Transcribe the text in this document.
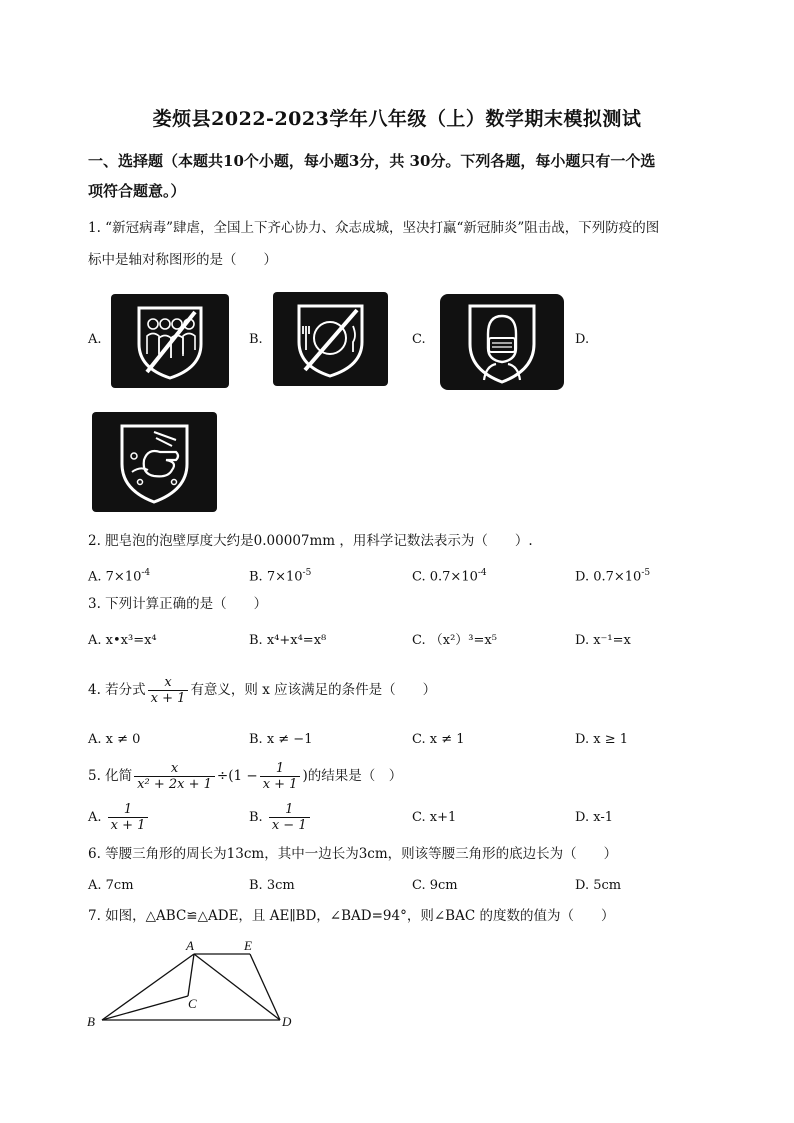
娄烦县2022-2023学年八年级（上）数学期末模拟测试
一、选择题（本题共10个小题，每小题3分，共 30分。下列各题，每小题只有一个选
项符合题意。）
1. “新冠病毒”肆虐，全国上下齐心协力、众志成城，坚决打赢“新冠肺炎”阻击战，下列防疫的图
标中是轴对称图形的是（　　）
A.	B.	C.	D.
2. 肥皂泡的泡壁厚度大约是0.00007mm ，用科学记数法表示为（　　）.
A. $7\times 10^{-4}$	B. $7\times 10^{-5}$	C. $0.7\times 10^{-4}$	D. $0.7\times 10^{-5}$
3. 下列计算正确的是（　　）
A. x•x³=x⁴	B. x⁴+x⁴=x⁸	C. （x²）³=x⁵	D. x⁻¹=x
4. 若分式 $\frac{x}{x + 1}$ 有意义，则 x 应该满足的条件是（　　）
A. x ≠ 0	B. x ≠ −1	C. x ≠ 1	D. x ≥ 1
5. 化简 $\frac{x}{\text{x² + 2x + 1}} \div(1 - \frac{1}{x + 1}$ )的结果是（　）
A. $\frac{1}{x + 1}$	B. $\frac{1}{x - 1}$	C. x+1	D. x-1
6. 等腰三角形的周长为13cm，其中一边长为3cm，则该等腰三角形的底边长为（　　）
A. 7cm	B. 3cm	C. 9cm	D. 5cm
7. 如图，△ABC≌△ADE，且 AE∥BD，∠BAD=94°，则∠BAC 的度数的值为（　　）
A	E
B
C
D
